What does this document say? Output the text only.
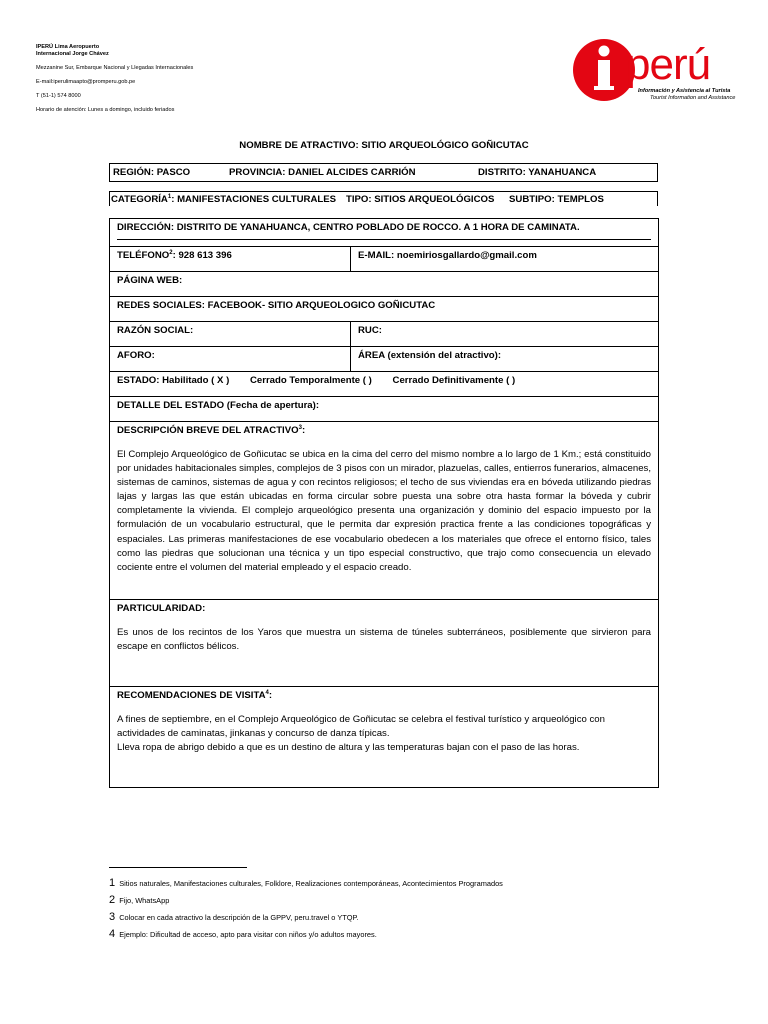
IPERÚ Lima Aeropuerto
Internacional Jorge Chávez
Mezzanine Sur, Embarque Nacional y Llegadas Internacionales
E-mail:iperulimaapto@promperu.gob.pe
T (51-1) 574 8000
Horario de atención: Lunes a domingo, incluido feriados
perú
Información y Asistencia al Turista
Tourist Information and Assistance
NOMBRE DE ATRACTIVO: SITIO ARQUEOLÓGICO GOÑICUTAC
REGIÓN: PASCO	PROVINCIA: DANIEL ALCIDES CARRIÓN	DISTRITO: YANAHUANCA
CATEGORÍA$^1$: MANIFESTACIONES CULTURALES TIPO: SITIOS ARQUEOLÓGICOS SUBTIPO: TEMPLOS
DIRECCIÓN: DISTRITO DE YANAHUANCA, CENTRO POBLADO DE ROCCO. A 1 HORA DE CAMINATA.
TELÉFONO$^2$: 928 613 396	E-MAIL: noemiriosgallardo@gmail.com
PÁGINA WEB:
REDES SOCIALES: FACEBOOK- SITIO ARQUEOLOGICO GOÑICUTAC
RAZÓN SOCIAL:	RUC:
AFORO:	ÁREA (extensión del atractivo):
ESTADO: Habilitado ( X ) Cerrado Temporalmente ( ) Cerrado Definitivamente ( )
DETALLE DEL ESTADO (Fecha de apertura):
DESCRIPCIÓN BREVE DEL ATRACTIVO$^3$:
El Complejo Arqueológico de Goñicutac se ubica en la cima del cerro del mismo nombre a lo largo de 1 Km.; está constituido por unidades habitacionales simples, complejos de 3 pisos con un mirador, plazuelas, calles, entierros funerarios, almacenes, sistemas de caminos, sistemas de agua y con recintos religiosos; el techo de sus viviendas era en bóveda utilizando piedras lajas y largas las que están ubicadas en forma circular sobre puesta una sobre otra hasta formar la bóveda y cubrir completamente la vivienda. El complejo arqueológico presenta una organización y dominio del espacio impuesto por la formulación de un vocabulario estructural, que le permita dar expresión practica frente a las condiciones topográficas y espaciales. Las primeras manifestaciones de ese vocabulario obedecen a los materiales que ofrece el entorno físico, tales como las piedras que solucionan una técnica y un tipo especial constructivo, que trajo como consecuencia un elevado cociente entre el volumen del material empleado y el espacio creado.
PARTICULARIDAD:
Es unos de los recintos de los Yaros que muestra un sistema de túneles subterráneos, posiblemente que sirvieron para escape en conflictos bélicos.
RECOMENDACIONES DE VISITA$^4$:
A fines de septiembre, en el Complejo Arqueológico de Goñicutac se celebra el festival turístico y arqueológico con actividades de caminatas, jinkanas y concurso de danza típicas.
Lleva ropa de abrigo debido a que es un destino de altura y las temperaturas bajan con el paso de las horas.
1 Sitios naturales, Manifestaciones culturales, Folklore, Realizaciones contemporáneas, Acontecimientos Programados
2 Fijo, WhatsApp
3 Colocar en cada atractivo la descripción de la GPPV, peru.travel o YTQP.
4 Ejemplo: Dificultad de acceso, apto para visitar con niños y/o adultos mayores.
